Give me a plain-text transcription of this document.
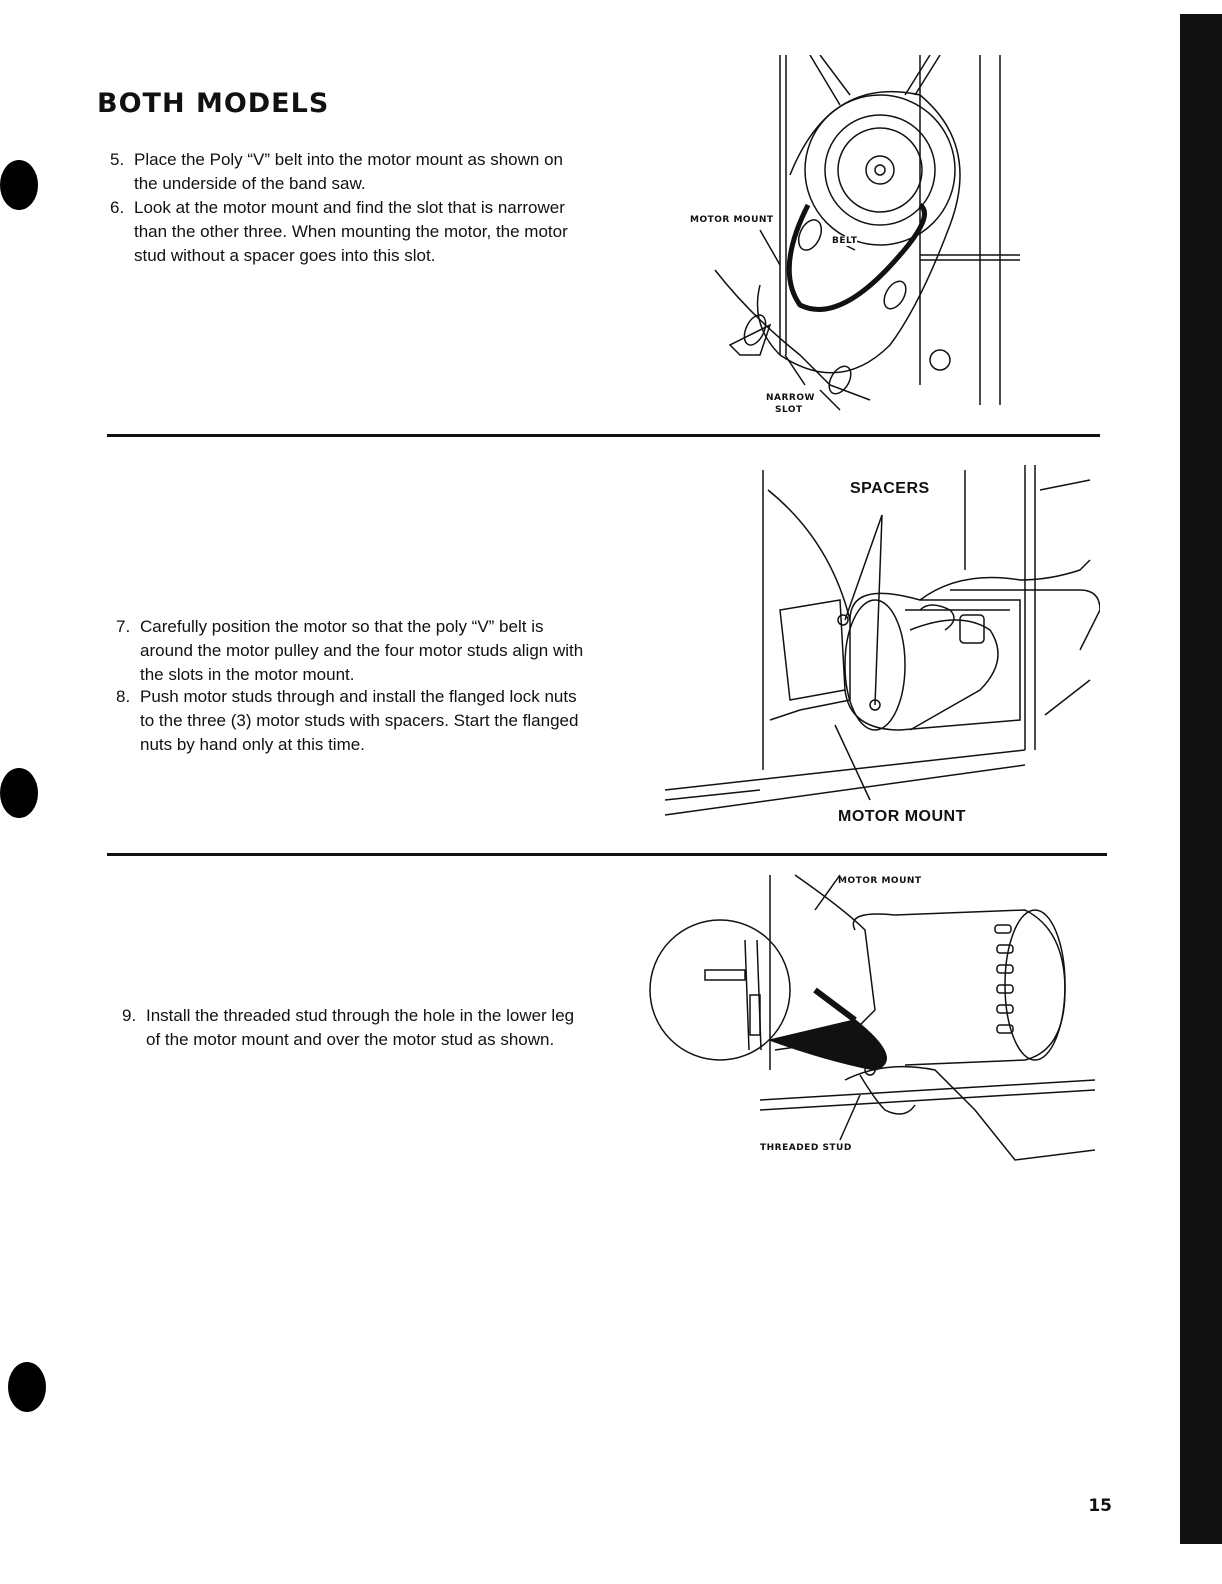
BOTH MODELS
5. Place the Poly “V” belt into the motor mount as shown on the underside of the band saw.
6. Look at the motor mount and find the slot that is narrower than the other three. When mounting the motor, the motor stud without a spacer goes into this slot.
7. Carefully position the motor so that the poly “V” belt is around the motor pulley and the four motor studs align with the slots in the motor mount.
8. Push motor studs through and install the flanged lock nuts to the three (3) motor studs with spacers. Start the flanged nuts by hand only at this time.
9. Install the threaded stud through the hole in the lower leg of the motor mount and over the motor stud as shown.
MOTOR MOUNT
BELT
NARROW
SLOT
SPACERS
MOTOR MOUNT
MOTOR MOUNT
THREADED STUD
15
